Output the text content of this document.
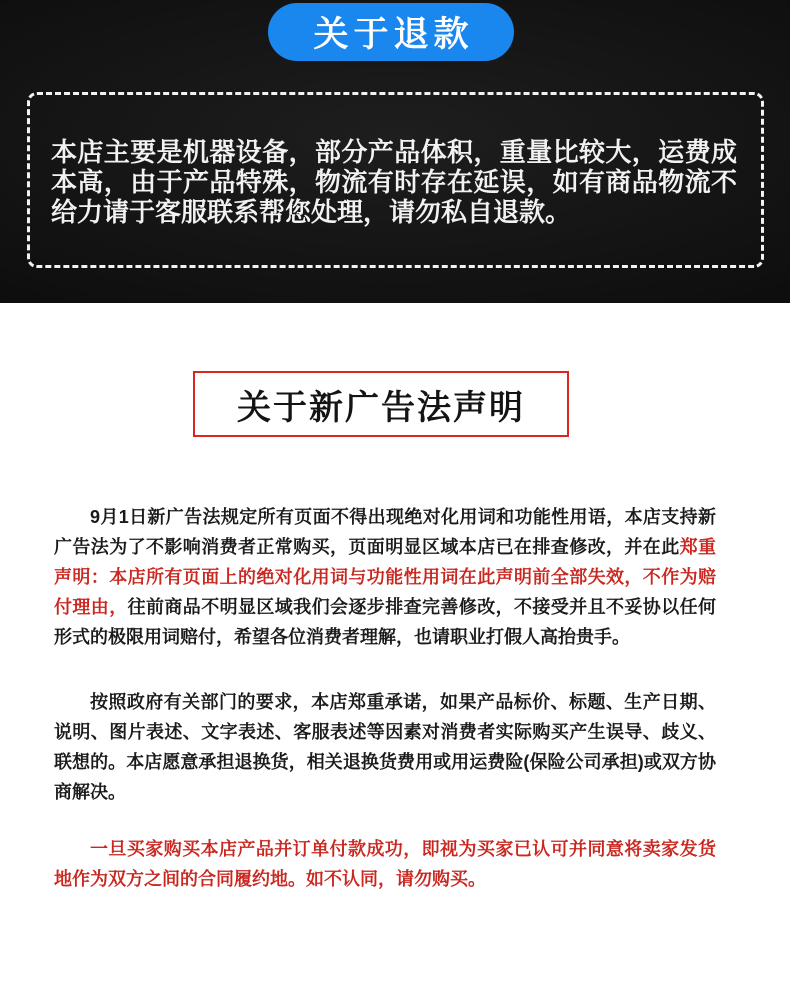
关于退款
本店主要是机器设备，部分产品体积，重量比较大，运费成本高，由于产品特殊，物流有时存在延误，如有商品物流不给力请于客服联系帮您处理，请勿私自退款。
关于新广告法声明

9月1日新广告法规定所有页面不得出现绝对化用词和功能性用语，本店支持新广告法为了不影响消费者正常购买，页面明显区域本店已在排查修改，并在此郑重声明：本店所有页面上的绝对化用词与功能性用词在此声明前全部失效，不作为赔付理由，往前商品不明显区域我们会逐步排查完善修改，不接受并且不妥协以任何形式的极限用词赔付，希望各位消费者理解，也请职业打假人高抬贵手。

按照政府有关部门的要求，本店郑重承诺，如果产品标价、标题、生产日期、说明、图片表述、文字表述、客服表述等因素对消费者实际购买产生误导、歧义、联想的。本店愿意承担退换货，相关退换货费用或用运费险(保险公司承担)或双方协商解决。

一旦买家购买本店产品并订单付款成功，即视为买家已认可并同意将卖家发货地作为双方之间的合同履约地。如不认同，请勿购买。
